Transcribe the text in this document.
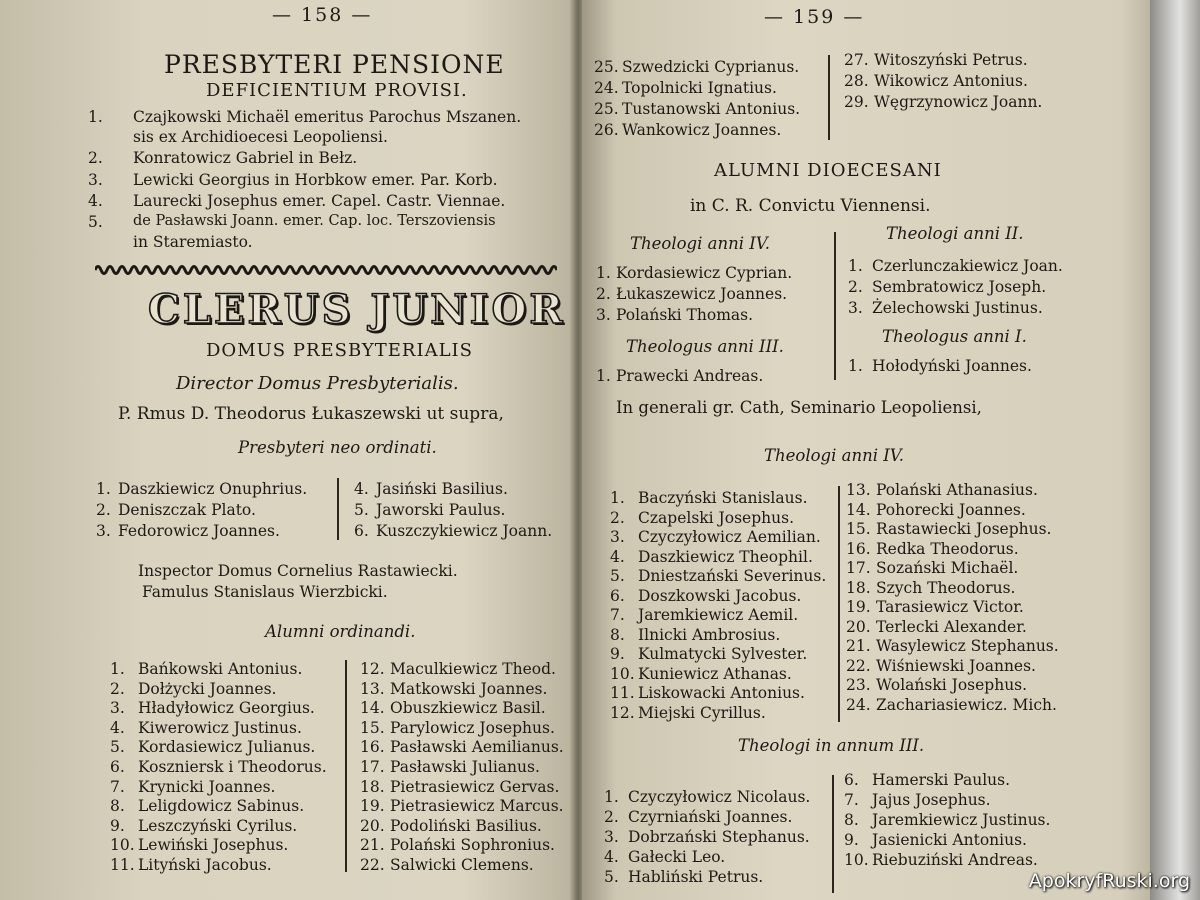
— 158 —
PRESBYTERI PENSIONE
DEFICIENTIUM PROVISI.
1. Czajkowski Michaël emeritus Parochus Mszanen.
sis ex Archidioecesi Leopoliensi.
2. Konratowicz Gabriel in Bełz.
3. Lewicki Georgius in Horbkow emer. Par. Korb.
4. Laurecki Josephus emer. Capel. Castr. Viennae.
5. de Pasławski Joann. emer. Cap. loc. Terszoviensis
in Staremiasto.
CLERUS JUNIOR
DOMUS PRESBYTERIALIS
Director Domus Presbyterialis.
P. Rmus D. Theodorus Łukaszewski ut supra,
Presbyteri neo ordinati.
1. Daszkiewicz Onuphrius.
2. Deniszczak Plato.
3. Fedorowicz Joannes.
4. Jasiński Basilius.
5. Jaworski Paulus.
6. Kuszczykiewicz Joann.
Inspector Domus Cornelius Rastawiecki.
Famulus Stanislaus Wierzbicki.
Alumni ordinandi.
1. Bańkowski Antonius.
2. Dołżycki Joannes.
3. Hładyłowicz Georgius.
4. Kiwerowicz Justinus.
5. Kordasiewicz Julianus.
6. Koszniersk i Theodorus.
7. Krynicki Joannes.
8. Leligdowicz Sabinus.
9. Leszczyński Cyrilus.
10. Lewiński Josephus.
11. Lityński Jacobus.
12. Maculkiewicz Theod.
13. Matkowski Joannes.
14. Obuszkiewicz Basil.
15. Parylowicz Josephus.
16. Pasławski Aemilianus.
17. Pasławski Julianus.
18. Pietrasiewicz Gervas.
19. Pietrasiewicz Marcus.
20. Podoliński Basilius.
21. Polański Sophronius.
22. Salwicki Clemens.
— 159 —
25. Szwedzicki Cyprianus.
24. Topolnicki Ignatius.
25. Tustanowski Antonius.
26. Wankowicz Joannes.
27. Witoszyński Petrus.
28. Wikowicz Antonius.
29. Węgrzynowicz Joann.
ALUMNI DIOECESANI
in C. R. Convictu Viennensi.
Theologi anni IV.
1. Kordasiewicz Cyprian.
2. Łukaszewicz Joannes.
3. Polański Thomas.
Theologus anni III.
1. Prawecki Andreas.
Theologi anni II.
1. Czerlunczakiewicz Joan.
2. Sembratowicz Joseph.
3. Żelechowski Justinus.
Theologus anni I.
1. Hołodyński Joannes.
In generali gr. Cath, Seminario Leopoliensi,
Theologi anni IV.
1. Baczyński Stanislaus.
2. Czapelski Josephus.
3. Czyczyłowicz Aemilian.
4. Daszkiewicz Theophil.
5. Dniestzański Severinus.
6. Doszkowski Jacobus.
7. Jaremkiewicz Aemil.
8. Ilnicki Ambrosius.
9. Kulmatycki Sylvester.
10. Kuniewicz Athanas.
11. Liskowacki Antonius.
12. Miejski Cyrillus.
13. Polański Athanasius.
14. Pohorecki Joannes.
15. Rastawiecki Josephus.
16. Redka Theodorus.
17. Sozański Michaël.
18. Szych Theodorus.
19. Tarasiewicz Victor.
20. Terlecki Alexander.
21. Wasylewicz Stephanus.
22. Wiśniewski Joannes.
23. Wolański Josephus.
24. Zachariasiewicz. Mich.
Theologi in annum III.
1. Czyczyłowicz Nicolaus.
2. Czyrniański Joannes.
3. Dobrzański Stephanus.
4. Gałecki Leo.
5. Habliński Petrus.
6. Hamerski Paulus.
7. Jajus Josephus.
8. Jaremkiewicz Justinus.
9. Jasienicki Antonius.
10. Riebuziński Andreas.
ApokryfRuski.org
